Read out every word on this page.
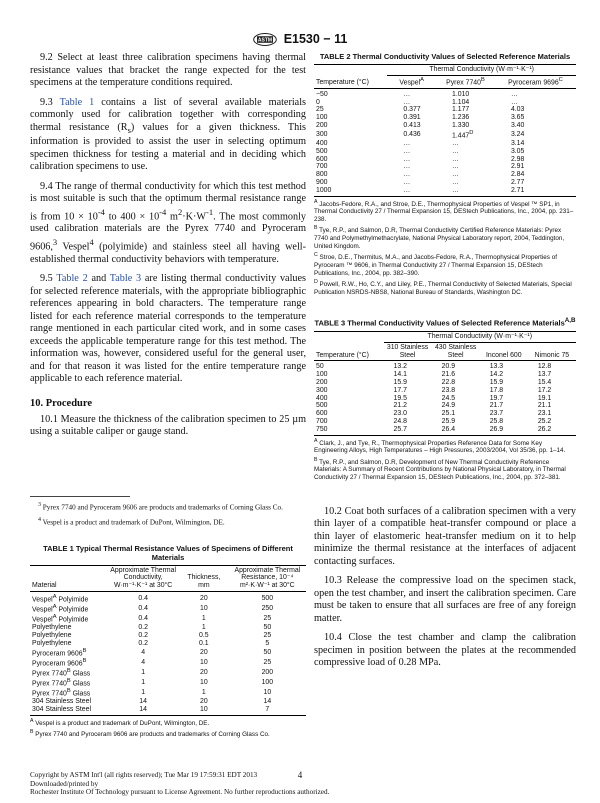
ASTM E1530 − 11

9.2 Select at least three calibration specimens having thermal resistance values that bracket the range expected for the test specimens at the temperature conditions required.

9.3 Table 1 contains a list of several available materials commonly used for calibration together with corresponding thermal resistance $(R_s)$ values for a given thickness. This information is provided to assist the user in selecting optimum specimen thickness for testing a material and in deciding which calibration specimens to use.

9.4 The range of thermal conductivity for which this test method is most suitable is such that the optimum thermal resistance range is from $10 \times 10^{-4}$ to $400 \times 10^{-4}$ $m^2\cdot K\cdot W^{-1}$. The most commonly used calibration materials are the Pyrex 7740 and Pyroceram 9606,$^3$ Vespel$^4$ (polyimide) and stainless steel all having well-established thermal conductivity behaviors with temperature.

9.5 Table 2 and Table 3 are listing thermal conductivity values for selected reference materials, with the appropriate bibliographic references appearing in bold characters. The temperature range listed for each reference material corresponds to the temperature range mentioned in each particular cited work, and in some cases exceeds the applicable temperature range for this test method. The information was, however, considered useful for the general user, and for that reason it was listed for the entire temperature range applicable to each reference material.

10. Procedure

10.1 Measure the thickness of the calibration specimen to 25 µm using a suitable caliper or gauge stand.

$^3$ Pyrex 7740 and Pyroceram 9606 are products and trademarks of Corning Glass Co.

$^4$ Vespel is a product and trademark of DuPont, Wilmington, DE.

TABLE 1 Typical Thermal Resistance Values of Specimens of Different Materials

Material	Approximate Thermal Conductivity, W·m⁻¹·K⁻¹ at 30°C	Thickness, mm	Approximate Thermal Resistance, 10⁻⁴ m²·K·W⁻¹ at 30°C
Vespel$^A$ Polyimide	0.4	20	500
Vespel$^A$ Polyimide	0.4	10	250
Vespel$^A$ Polyimide	0.4	1	25
Polyethylene	0.2	1	50
Polyethylene	0.2	0.5	25
Polyethylene	0.2	0.1	5
Pyroceram $9606^B$	4	20	50
Pyroceram $9606^B$	4	10	25
Pyrex $7740^B$ Glass	1	20	200
Pyrex $7740^B$ Glass	1	10	100
Pyrex $7740^B$ Glass	1	1	10
304 Stainless Steel	14	20	14
304 Stainless Steel	14	10	7

$^A$ Vespel is a product and trademark of DuPont, Wilmington, DE.

$^B$ Pyrex 7740 and Pyroceram 9606 are products and trademarks of Corning Glass Co.

TABLE 2 Thermal Conductivity Values of Selected Reference Materials

Temperature (°C)	Thermal Conductivity (W·m⁻¹·K⁻¹)		
	Vespel$^A$	Pyrex $7740^B$	Pyroceram $9696^C$
−50	…	1.010	…
0	…	1.104	…
25	0.377	1.177	4.03
100	0.391	1.236	3.65
200	0.413	1.330	3.40
300	0.436	$1.447^D$	3.24
400	…	…	3.14
500	…	…	3.05
600	…	…	2.98
700	…	…	2.91
800	…	…	2.84
900	…	…	2.77
1000	…	…	2.71

$^A$ Jacobs-Fedore, R.A., and Stroe, D.E., Thermophysical Properties of Vespel ™ SP1, in Thermal Conductivity 27 / Thermal Expansion 15, DEStech Publications, Inc., 2004, pp. 231–238.

$^B$ Tye, R.P., and Salmon, D.R, Thermal Conductivity Certified Reference Materials: Pyrex 7740 and Polymethylmethacrylate, National Physical Laboratory report, 2004, Teddington, United Kingdom.

$^C$ Stroe, D.E., Thermitus, M.A., and Jacobs-Fedore, R.A., Thermophysical Properties of Pyroceram ™ 9606, in Thermal Conductivity 27 / Thermal Expansion 15, DEStech Publications, Inc., 2004, pp. 382–390.

$^D$ Powell, R.W., Ho, C.Y., and Liley, P.E., Thermal Conductivity of Selected Materials, Special Publication NSRDS-NBS8, National Bureau of Standards, Washington DC.

TABLE 3 Thermal Conductivity Values of Selected Reference Materials$^{A,B}$

Temperature (°C)	Thermal Conductivity (W·m⁻¹·K⁻¹)			
	310 Stainless Steel	430 Stainless Steel	Inconel 600	Nimonic 75
50	13.2	20.9	13.3	12.8
100	14.1	21.6	14.2	13.7
200	15.9	22.8	15.9	15.4
300	17.7	23.8	17.8	17.2
400	19.5	24.5	19.7	19.1
500	21.2	24.9	21.7	21.1
600	23.0	25.1	23.7	23.1
700	24.8	25.9	25.8	25.2
750	25.7	26.4	26.9	26.2

$^A$ Clark, J., and Tye, R., Thermophysical Properties Reference Data for Some Key Engineering Alloys, High Temperatures – High Pressures, 2003/2004, Vol 35/36, pp. 1–14.

$^B$ Tye, R.P., and Salmon, D.R, Development of New Thermal Conductivity Reference Materials: A Summary of Recent Contributions by National Physical Laboratory, in Thermal Conductivity 27 / Thermal Expansion 15, DEStech Publications, Inc., 2004, pp. 372–381.

10.2 Coat both surfaces of a calibration specimen with a very thin layer of a compatible heat-transfer compound or place a thin layer of elastomeric heat-transfer medium on it to help minimize the thermal resistance at the interfaces of adjacent contacting surfaces.

10.3 Release the compressive load on the specimen stack, open the test chamber, and insert the calibration specimen. Care must be taken to ensure that all surfaces are free of any foreign matter.

10.4 Close the test chamber and clamp the calibration specimen in position between the plates at the recommended compressive load of 0.28 MPa.

Copyright by ASTM Int'l (all rights reserved); Tue Mar 19 17:59:31 EDT 2013
Downloaded/printed by
Rochester Institute Of Technology pursuant to License Agreement. No further reproductions authorized.
4
